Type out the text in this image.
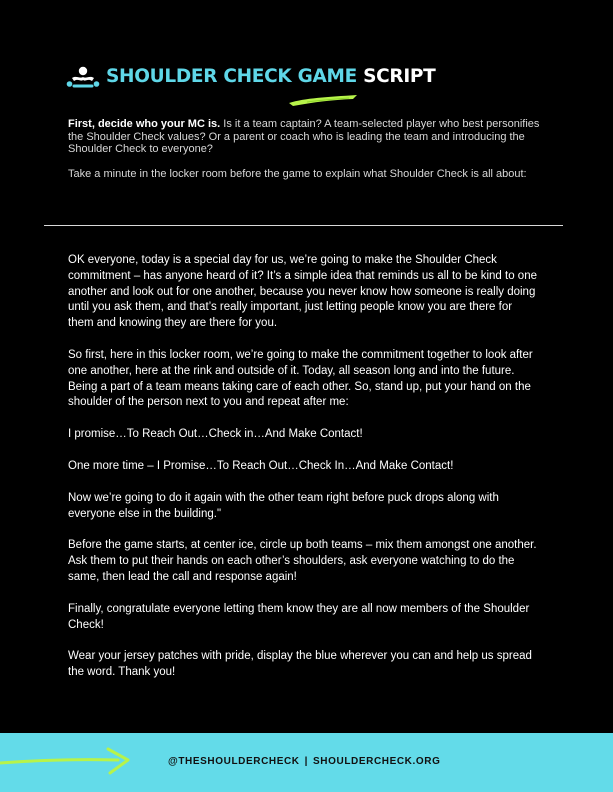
SHOULDER CHECK GAME SCRIPT

First, decide who your MC is. Is it a team captain? A team-selected player who best personifies the Shoulder Check values? Or a parent or coach who is leading the team and introducing the Shoulder Check to everyone?

Take a minute in the locker room before the game to explain what Shoulder Check is all about:

OK everyone, today is a special day for us, we’re going to make the Shoulder Check commitment – has anyone heard of it? It’s a simple idea that reminds us all to be kind to one another and look out for one another, because you never know how someone is really doing until you ask them, and that’s really important, just letting people know you are there for them and knowing they are there for you.

So first, here in this locker room, we’re going to make the commitment together to look after one another, here at the rink and outside of it. Today, all season long and into the future. Being a part of a team means taking care of each other. So, stand up, put your hand on the shoulder of the person next to you and repeat after me:

I promise…To Reach Out…Check in…And Make Contact!

One more time – I Promise…To Reach Out…Check In…And Make Contact!

Now we’re going to do it again with the other team right before puck drops along with everyone else in the building."

Before the game starts, at center ice, circle up both teams – mix them amongst one another. Ask them to put their hands on each other’s shoulders, ask everyone watching to do the same, then lead the call and response again!

Finally, congratulate everyone letting them know they are all now members of the Shoulder Check!

Wear your jersey patches with pride, display the blue wherever you can and help us spread the word. Thank you!

@THESHOULDERCHECK | SHOULDERCHECK.ORG
